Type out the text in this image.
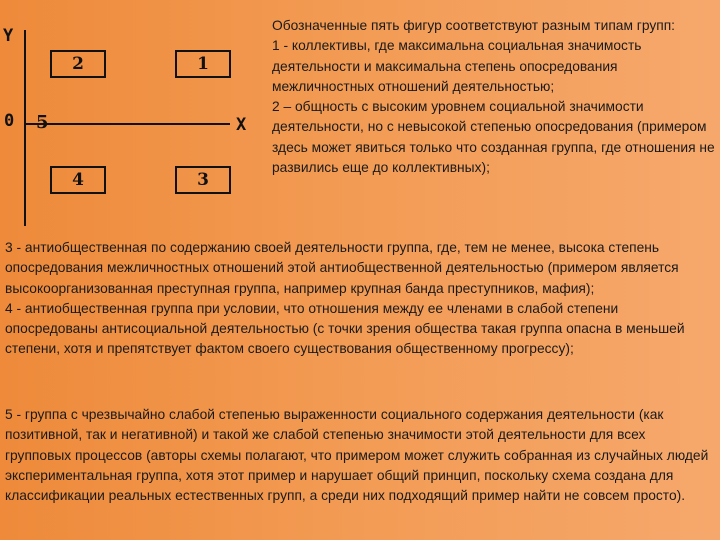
Y
0	X
2	1
5
4	3
Обозначенные пять фигур соответствуют разным типам групп:
1 - коллективы, где максимальна социальная значимость деятельности и максимальна степень опосредования межличностных отношений деятельностью;
2 – общность с высоким уровнем социальной значимости деятельности, но с невысокой степенью опосредования (примером здесь может явиться только что созданная группа, где отношения не развились еще до коллективных);
3 - антиобщественная по содержанию своей деятельности группа, где, тем не менее, высока степень опосредования межличностных отношений этой антиобщественной деятельностью (примером является высокоорганизованная преступная группа, например крупная банда преступников, мафия);
4 - антиобщественная группа при условии, что отношения между ее членами в слабой степени опосредованы антисоциальной деятельностью (с точки зрения общества такая группа опасна в меньшей степени, хотя и препятствует фактом своего существования общественному прогрессу);
5 - группа с чрезвычайно слабой степенью выраженности социального содержания деятельности (как позитивной, так и негативной) и такой же слабой степенью значимости этой деятельности для всех групповых процессов (авторы схемы полагают, что примером может служить собранная из случайных людей экспериментальная группа, хотя этот пример и нарушает общий принцип, поскольку схема создана для классификации реальных естественных групп, а среди них подходящий пример найти не совсем просто).
